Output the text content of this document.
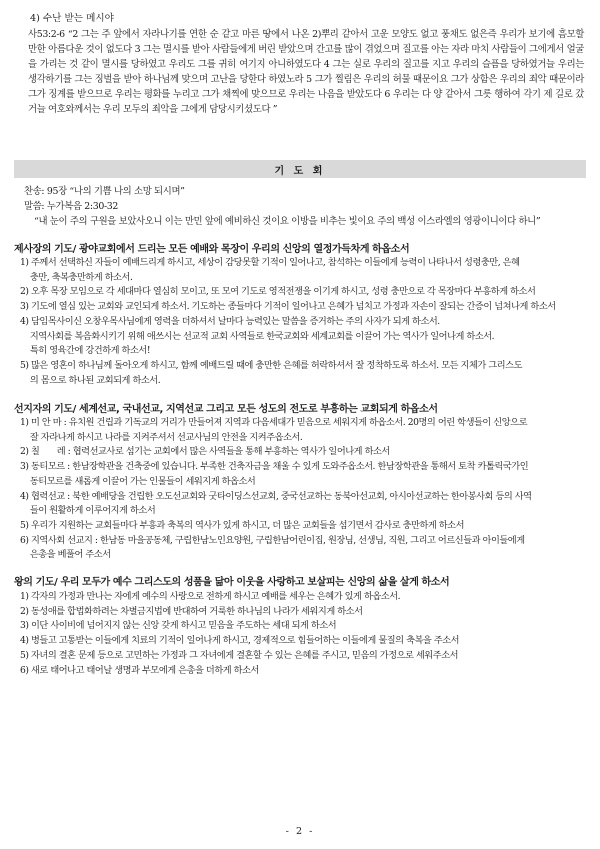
4) 수난 받는 메시야

사53:2-6 “2 그는 주 앞에서 자라나기를 연한 순 같고 마른 땅에서 나온 2)뿌리 같아서 고운 모양도 없고 풍채도 없은즉 우리가 보기에 흠모할 만한 아름다운 것이 없도다 3 그는 멸시를 받아 사람들에게 버린 받았으며 간고를 많이 겪었으며 질고를 아는 자라 마치 사람들이 그에게서 얼굴을 가리는 것 같이 멸시를 당하였고 우리도 그를 귀히 여기지 아니하였도다 4 그는 실로 우리의 질고를 지고 우리의 슬픔을 당하였거늘 우리는 생각하기를 그는 징벌을 받아 하나님께 맞으며 고난을 당한다 하였노라 5 그가 찔림은 우리의 허물 때문이요 그가 상함은 우리의 죄악 때문이라 그가 징계를 받으므로 우리는 평화를 누리고 그가 채찍에 맞으므로 우리는 나음을 받았도다 6 우리는 다 양 같아서 그릇 행하여 각기 제 길로 갔거늘 여호와께서는 우리 모두의 죄악을 그에게 담당시키셨도다 ”

기 도 회

찬송: 95장 “나의 기쁨 나의 소망 되시며”

말씀: 누가복음 2:30-32

“내 눈이 주의 구원을 보았사오니 이는 만민 앞에 예비하신 것이요 이방을 비추는 빛이요 주의 백성 이스라엘의 영광이니이다 하니”

제사장의 기도/ 광야교회에서 드리는 모든 예배와 목장이 우리의 신앙의 열정가득차게 하옵소서

1) 주께서 선택하신 자들이 예배드리게 하시고, 세상이 감당못할 기적이 일어나고, 참석하는 이들에게 능력이 나타나서 성령충만, 은혜
충만, 축복충만하게 하소서.
2) 오후 목장 모임으로 각 세대마다 열심히 모이고, 또 모여 기도로 영적전쟁을 이기게 하시고, 성령 충만으로 각 목장마다 부흥하게 하소서
3) 기도에 열심 있는 교회와 교인되게 하소서. 기도하는 종들마다 기적이 일어나고 은혜가 넘치고 가정과 자손이 잘되는 간증이 넘쳐나게 하소서
4) 담임목사이신 오창우목사님에게 영력을 더하셔서 날마다 능력있는 말씀을 증거하는 주의 사자가 되게 하소서.
지역사회를 복음화시키기 위해 애쓰시는 선교적 교회 사역들로 한국교회와 세계교회를 이끌어 가는 역사가 일어나게 하소서.
특히 영육간에 강건하게 하소서!
5) 많은 영혼이 하나님께 돌아오게 하시고, 함께 예배드릴 때에 충만한 은혜를 허락하셔서 잘 정착하도록 하소서. 모든 지체가 그리스도
의 몸으로 하나된 교회되게 하소서.

선지자의 기도/ 세계선교, 국내선교, 지역선교 그리고 모든 성도의 전도로 부흥하는 교회되게 하옵소서

1) 미 안 마 : 유치원 건립과 기독교의 거리가 만들어져 지역과 다음세대가 믿음으로 세워지게 하옵소서. 20명의 어린 학생들이 신앙으로
잘 자라나게 하시고 나라를 지켜주셔서 선교사님의 안전을 지켜주옵소서.
2) 칠       레 : 협력선교사로 섬기는 교회에서 많은 사역들을 통해 부흥하는 역사가 일어나게 하소서
3) 동티모르 : 한남장학관을 건축중에 있습니다. 부족한 건축자금을 채울 수 있게 도와주옵소서. 한남장학관을 통해서 토착 카톨릭국가인
동티모르를 새롭게 이끌어 가는 인물들이 세워지게 하옵소서
4) 협력선교 : 북한 예배당을 건립한 오도선교회와 굿타이딩스선교회, 중국선교하는 동북아선교회, 아시아선교하는 한아봉사회 등의 사역
들이 원활하게 이루어지게 하소서
5) 우리가 지원하는 교회들마다 부흥과 축복의 역사가 있게 하시고, 더 많은 교회들을 섬기면서 감사로 충만하게 하소서
6) 지역사회 선교지 : 한남동 마을공동체, 구립한남노인요양원, 구립한남어린이집, 원장님, 선생님, 직원, 그리고 어르신들과 아이들에게
은총을 베풀어 주소서

왕의 기도/ 우리 모두가 예수 그리스도의 성품을 닮아 이웃을 사랑하고 보살피는 신앙의 삶을 살게 하소서

1) 각자의 가정과 만나는 자에게 예수의 사랑으로 전하게 하시고 예배를 세우는 은혜가 있게 하옵소서.
2) 동성애를 합법화하려는 차별금지법에 반대하여 거룩한 하나님의 나라가 세워지게 하소서
3) 이단 사이비에 넘어지지 않는 신앙 갖게 하시고 믿음을 주도하는 세대 되게 하소서
4) 병들고 고통받는 이들에게 치료의 기적이 일어나게 하시고, 경제적으로 힘들어하는 이들에게 물질의 축복을 주소서
5) 자녀의 결혼 문제 등으로 고민하는 가정과 그 자녀에게 결혼할 수 있는 은혜를 주시고, 믿음의 가정으로 세워주소서
6) 새로 태어나고 태어날 생명과 부모에게 은총을 더하게 하소서
- 2 -
